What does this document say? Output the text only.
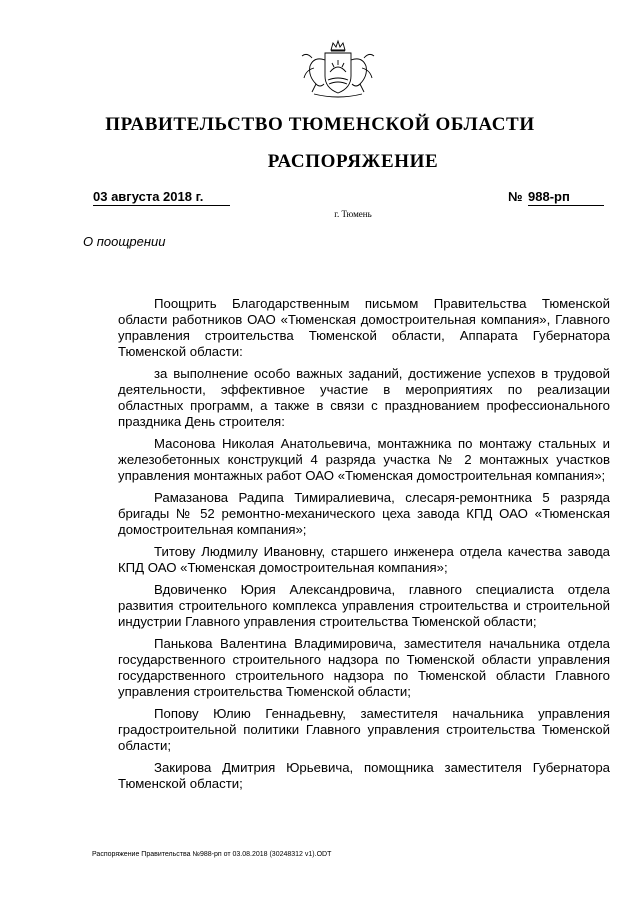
ПРАВИТЕЛЬСТВО ТЮМЕНСКОЙ ОБЛАСТИ
РАСПОРЯЖЕНИЕ
03 августа 2018 г.	№ 988-рп
г. Тюмень
О поощрении

Поощрить Благодарственным письмом Правительства Тюменской области работников ОАО «Тюменская домостроительная компания», Главного управления строительства Тюменской области, Аппарата Губернатора Тюменской области:

за выполнение особо важных заданий, достижение успехов в трудовой деятельности, эффективное участие в мероприятиях по реализации областных программ, а также в связи с празднованием профессионального праздника День строителя:

Масонова Николая Анатольевича, монтажника по монтажу стальных и железобетонных конструкций 4 разряда участка № 2 монтажных участков управления монтажных работ ОАО «Тюменская домостроительная компания»;

Рамазанова Радипа Тимиралиевича, слесаря-ремонтника 5 разряда бригады № 52 ремонтно-механического цеха завода КПД ОАО «Тюменская домостроительная компания»;

Титову Людмилу Ивановну, старшего инженера отдела качества завода КПД ОАО «Тюменская домостроительная компания»;

Вдовиченко Юрия Александровича, главного специалиста отдела развития строительного комплекса управления строительства и строительной индустрии Главного управления строительства Тюменской области;

Панькова Валентина Владимировича, заместителя начальника отдела государственного строительного надзора по Тюменской области управления государственного строительного надзора по Тюменской области Главного управления строительства Тюменской области;

Попову Юлию Геннадьевну, заместителя начальника управления градостроительной политики Главного управления строительства Тюменской области;

Закирова Дмитрия Юрьевича, помощника заместителя Губернатора Тюменской области;

Распоряжение Правительства №988-рп от 03.08.2018 (30248312 v1).ODT
